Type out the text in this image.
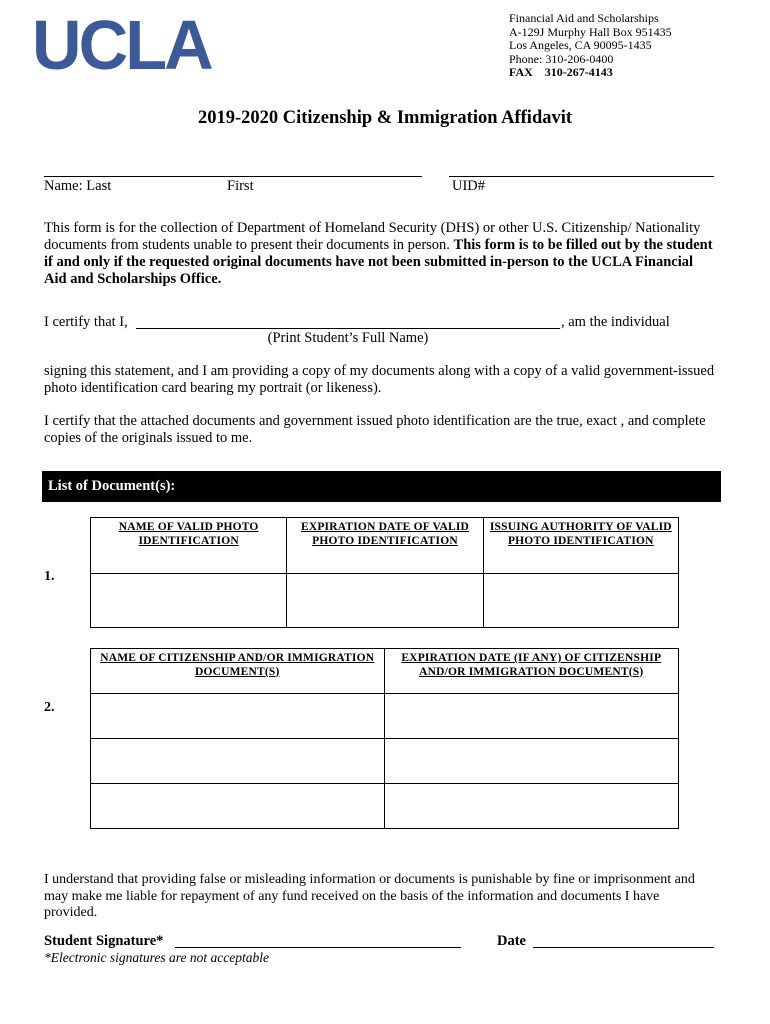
UCLA	Financial Aid and Scholarships
A-129J Murphy Hall Box 951435
Los Angeles, CA 90095-1435
Phone: 310-206-0400
FAX 310-267-4143
2019-2020 Citizenship & Immigration Affidavit
Name: Last	First	UID#
This form is for the collection of Department of Homeland Security (DHS) or other U.S. Citizenship/ Nationality documents from students unable to present their documents in person. This form is to be filled out by the student if and only if the requested original documents have not been submitted in-person to the UCLA Financial Aid and Scholarships Office.
I certify that I,	, am the individual
(Print Student’s Full Name)
signing this statement, and I am providing a copy of my documents along with a copy of a valid government-issued photo identification card bearing my portrait (or likeness).
I certify that the attached documents and government issued photo identification are the true, exact , and complete copies of the originals issued to me.
List of Document(s):
1.
NAME OF VALID PHOTO IDENTIFICATION	EXPIRATION DATE OF VALID PHOTO IDENTIFICATION	ISSUING AUTHORITY OF VALID PHOTO IDENTIFICATION

2.
NAME OF CITIZENSHIP AND/OR IMMIGRATION DOCUMENT(S)	EXPIRATION DATE (IF ANY) OF CITIZENSHIP AND/OR IMMIGRATION DOCUMENT(S)

I understand that providing false or misleading information or documents is punishable by fine or imprisonment and may make me liable for repayment of any fund received on the basis of the information and documents I have provided.
Student Signature*	Date
*Electronic signatures are not acceptable
